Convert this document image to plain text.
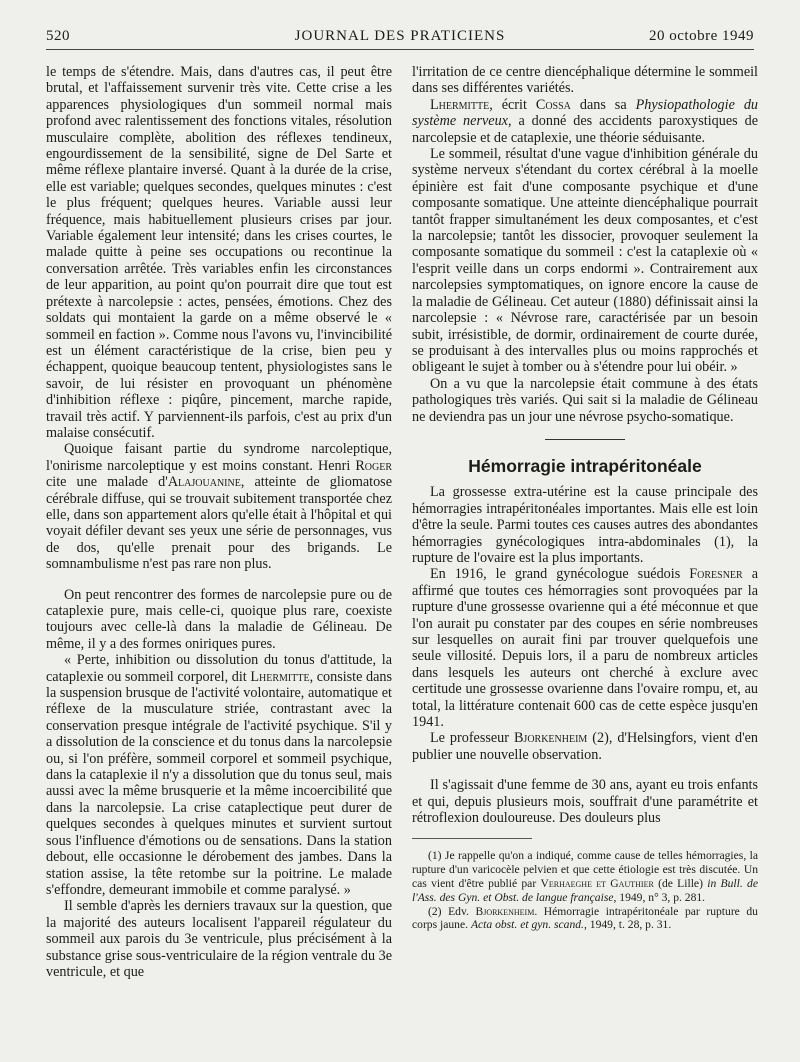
520	JOURNAL DES PRATICIENS	20 octobre 1949

le temps de s'étendre. Mais, dans d'autres cas, il peut être brutal, et l'affaissement survenir très vite. Cette crise a les apparences physiologiques d'un sommeil normal mais profond avec ralentissement des fonctions vitales, résolution musculaire complète, abolition des réflexes tendineux, engourdissement de la sensibilité, signe de Del Sarte et même réflexe plantaire inversé. Quant à la durée de la crise, elle est variable; quelques secondes, quelques minutes : c'est le plus fréquent; quelques heures. Variable aussi leur fréquence, mais habituellement plusieurs crises par jour. Variable également leur intensité; dans les crises courtes, le malade quitte à peine ses occupations ou recontinue la conversation arrêtée. Très variables enfin les circonstances de leur apparition, au point qu'on pourrait dire que tout est prétexte à narcolepsie : actes, pensées, émotions. Chez des soldats qui montaient la garde on a même observé le « sommeil en faction ». Comme nous l'avons vu, l'invincibilité est un élément caractéristique de la crise, bien peu y échappent, quoique beaucoup tentent, physiologistes sans le savoir, de lui résister en provoquant un phénomène d'inhibition réflexe : piqûre, pincement, marche rapide, travail très actif. Y parviennent-ils parfois, c'est au prix d'un malaise consécutif.

Quoique faisant partie du syndrome narcoleptique, l'onirisme narcoleptique y est moins constant. Henri Roger cite une malade d'Alajouanine, atteinte de gliomatose cérébrale diffuse, qui se trouvait subitement transportée chez elle, dans son appartement alors qu'elle était à l'hôpital et qui voyait défiler devant ses yeux une série de personnages, vus de dos, qu'elle prenait pour des brigands. Le somnambulisme n'est pas rare non plus.

On peut rencontrer des formes de narcolepsie pure ou de cataplexie pure, mais celle-ci, quoique plus rare, coexiste toujours avec celle-là dans la maladie de Gélineau. De même, il y a des formes oniriques pures.

« Perte, inhibition ou dissolution du tonus d'attitude, la cataplexie ou sommeil corporel, dit Lhermitte, consiste dans la suspension brusque de l'activité volontaire, automatique et réflexe de la musculature striée, contrastant avec la conservation presque intégrale de l'activité psychique. S'il y a dissolution de la conscience et du tonus dans la narcolepsie ou, si l'on préfère, sommeil corporel et sommeil psychique, dans la cataplexie il n'y a dissolution que du tonus seul, mais aussi avec la même brusquerie et la même incoercibilité que dans la narcolepsie. La crise cataplectique peut durer de quelques secondes à quelques minutes et survient surtout sous l'influence d'émotions ou de sensations. Dans la station debout, elle occasionne le dérobement des jambes. Dans la station assise, la tête retombe sur la poitrine. Le malade s'effondre, demeurant immobile et comme paralysé. »

Il semble d'après les derniers travaux sur la question, que la majorité des auteurs localisent l'appareil régulateur du sommeil aux parois du 3e ventricule, plus précisément à la substance grise sous-ventriculaire de la région ventrale du 3e ventricule, et que

l'irritation de ce centre diencéphalique détermine le sommeil dans ses différentes variétés.

Lhermitte, écrit Cossa dans sa Physiopathologie du système nerveux, a donné des accidents paroxystiques de narcolepsie et de cataplexie, une théorie séduisante.

Le sommeil, résultat d'une vague d'inhibition générale du système nerveux s'étendant du cortex cérébral à la moelle épinière est fait d'une composante psychique et d'une composante somatique. Une atteinte diencéphalique pourrait tantôt frapper simultanément les deux composantes, et c'est la narcolepsie; tantôt les dissocier, provoquer seulement la composante somatique du sommeil : c'est la cataplexie où « l'esprit veille dans un corps endormi ». Contrairement aux narcolepsies symptomatiques, on ignore encore la cause de la maladie de Gélineau. Cet auteur (1880) définissait ainsi la narcolepsie : « Névrose rare, caractérisée par un besoin subit, irrésistible, de dormir, ordinairement de courte durée, se produisant à des intervalles plus ou moins rapprochés et obligeant le sujet à tomber ou à s'étendre pour lui obéir. »

On a vu que la narcolepsie était commune à des états pathologiques très variés. Qui sait si la maladie de Gélineau ne deviendra pas un jour une névrose psycho-somatique.

Hémorragie intrapéritonéale

La grossesse extra-utérine est la cause principale des hémorragies intrapéritonéales importantes. Mais elle est loin d'être la seule. Parmi toutes ces causes autres des abondantes hémorragies gynécologiques intra-abdominales (1), la rupture de l'ovaire est la plus importants.

En 1916, le grand gynécologue suédois Foresner a affirmé que toutes ces hémorragies sont provoquées par la rupture d'une grossesse ovarienne qui a été méconnue et que l'on aurait pu constater par des coupes en série nombreuses sur lesquelles on aurait fini par trouver quelquefois une seule villosité. Depuis lors, il a paru de nombreux articles dans lesquels les auteurs ont cherché à exclure avec certitude une grossesse ovarienne dans l'ovaire rompu, et, au total, la littérature contenait 600 cas de cette espèce jusqu'en 1941.

Le professeur Bjorkenheim (2), d'Helsingfors, vient d'en publier une nouvelle observation.

Il s'agissait d'une femme de 30 ans, ayant eu trois enfants et qui, depuis plusieurs mois, souffrait d'une paramétrite et rétroflexion douloureuse. Des douleurs plus

(1) Je rappelle qu'on a indiqué, comme cause de telles hémorragies, la rupture d'un varicocèle pelvien et que cette étiologie est très discutée. Un cas vient d'être publié par Verhaeghe et Gauthier (de Lille) in Bull. de l'Ass. des Gyn. et Obst. de langue française, 1949, n° 3, p. 281.

(2) Edv. Bjorkenheim. Hémorragie intrapéritonéale par rupture du corps jaune. Acta obst. et gyn. scand., 1949, t. 28, p. 31.
